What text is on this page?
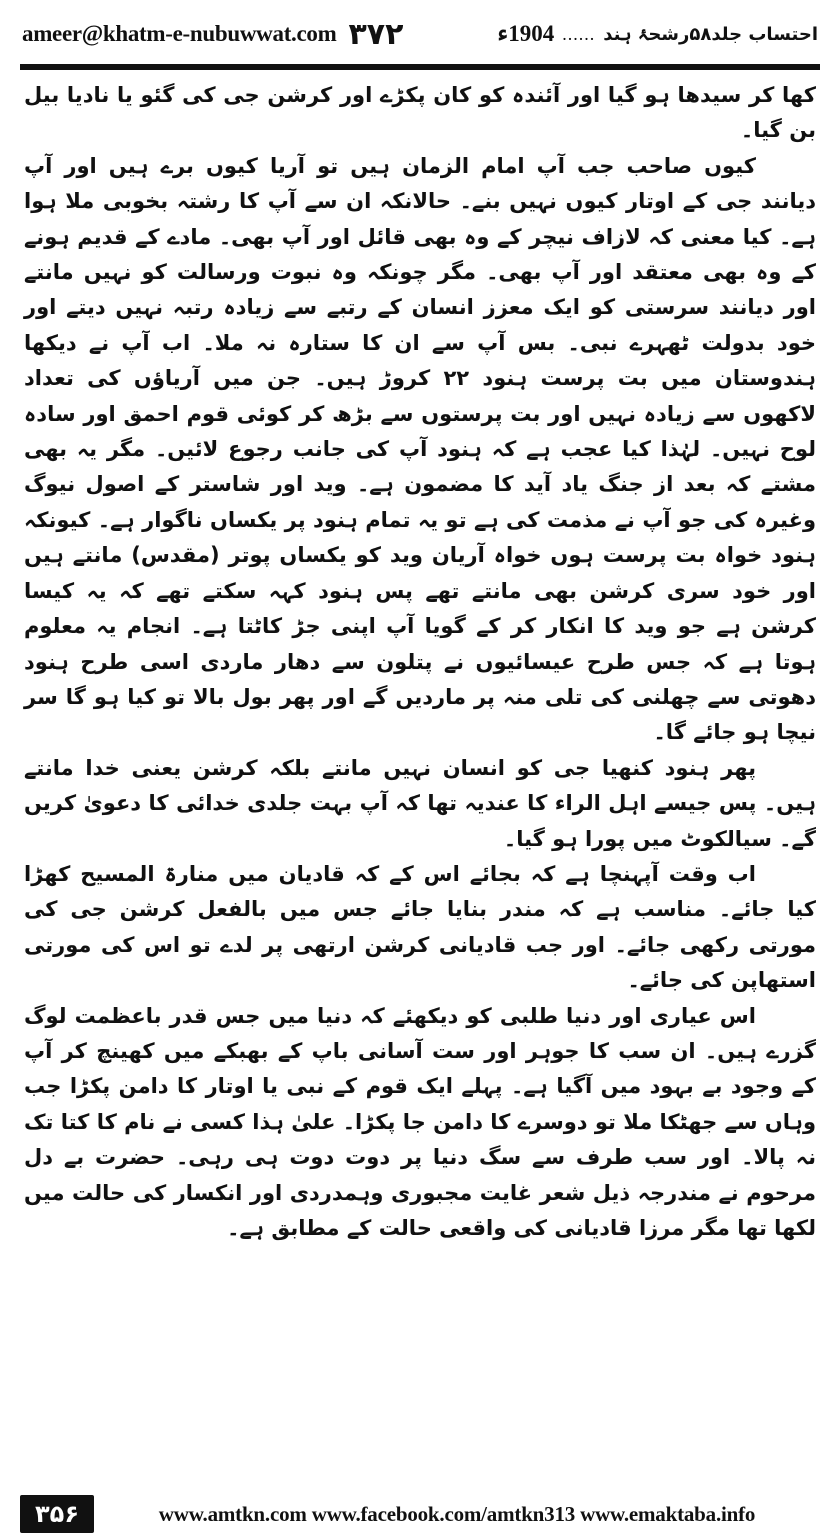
ameer@khatm-e-nubuwwat.com ۳۷۲	احتساب جلد۵۸رشحۂ ہند
......
1904ء

کھا کر سیدھا ہو گیا اور آئندہ کو کان پکڑے اور کرشن جی کی گئو یا نادیا بیل بن گیا۔

کیوں صاحب جب آپ امام الزمان ہیں تو آریا کیوں برے ہیں اور آپ دیانند جی کے اوتار کیوں نہیں بنے۔ حالانکہ ان سے آپ کا رشتہ بخوبی ملا ہوا ہے۔ کیا معنی کہ لازاف نیچر کے وہ بھی قائل اور آپ بھی۔ مادے کے قدیم ہونے کے وہ بھی معتقد اور آپ بھی۔ مگر چونکہ وہ نبوت ورسالت کو نہیں مانتے اور دیانند سرستی کو ایک معزز انسان کے رتبے سے زیادہ رتبہ نہیں دیتے اور خود بدولت ٹھہرے نبی۔ بس آپ سے ان کا ستارہ نہ ملا۔ اب آپ نے دیکھا ہندوستان میں بت پرست ہنود ۲۲ کروڑ ہیں۔ جن میں آریاؤں کی تعداد لاکھوں سے زیادہ نہیں اور بت پرستوں سے بڑھ کر کوئی قوم احمق اور سادہ لوح نہیں۔ لہٰذا کیا عجب ہے کہ ہنود آپ کی جانب رجوع لائیں۔ مگر یہ بھی مشتے کہ بعد از جنگ یاد آید کا مضمون ہے۔ وید اور شاستر کے اصول نیوگ وغیرہ کی جو آپ نے مذمت کی ہے تو یہ تمام ہنود پر یکساں ناگوار ہے۔ کیونکہ ہنود خواہ بت پرست ہوں خواہ آریان وید کو یکساں پوتر (مقدس) مانتے ہیں اور خود سری کرشن بھی مانتے تھے پس ہنود کہہ سکتے تھے کہ یہ کیسا کرشن ہے جو وید کا انکار کر کے گویا آپ اپنی جڑ کاٹتا ہے۔ انجام یہ معلوم ہوتا ہے کہ جس طرح عیسائیوں نے پتلون سے دھار ماردی اسی طرح ہنود دھوتی سے چھلنی کی تلی منہ پر ماردیں گے اور پھر بول بالا تو کیا ہو گا سر نیچا ہو جائے گا۔

پھر ہنود کنھیا جی کو انسان نہیں مانتے بلکہ کرشن یعنی خدا مانتے ہیں۔ پس جیسے اہل الراء کا عندیہ تھا کہ آپ بہت جلدی خدائی کا دعویٰ کریں گے۔ سیالکوٹ میں پورا ہو گیا۔

اب وقت آپہنچا ہے کہ بجائے اس کے کہ قادیان میں منارۃ المسیح کھڑا کیا جائے۔ مناسب ہے کہ مندر بنایا جائے جس میں بالفعل کرشن جی کی مورتی رکھی جائے۔ اور جب قادیانی کرشن ارتھی پر لدے تو اس کی مورتی استھاپن کی جائے۔

اس عیاری اور دنیا طلبی کو دیکھئے کہ دنیا میں جس قدر باعظمت لوگ گزرے ہیں۔ ان سب کا جوہر اور ست آسانی باپ کے بھبکے میں کھینچ کر آپ کے وجود بے بہود میں آگیا ہے۔ پہلے ایک قوم کے نبی یا اوتار کا دامن پکڑا جب وہاں سے جھٹکا ملا تو دوسرے کا دامن جا پکڑا۔ علیٰ ہذا کسی نے نام کا کتا تک نہ پالا۔ اور سب طرف سے سگ دنیا پر دوت دوت ہی رہی۔ حضرت بے دل مرحوم نے مندرجہ ذیل شعر غایت مجبوری وہمدردی اور انکسار کی حالت میں لکھا تھا مگر مرزا قادیانی کی واقعی حالت کے مطابق ہے۔

۳۵۶	www.amtkn.com www.facebook.com/amtkn313 www.emaktaba.info
